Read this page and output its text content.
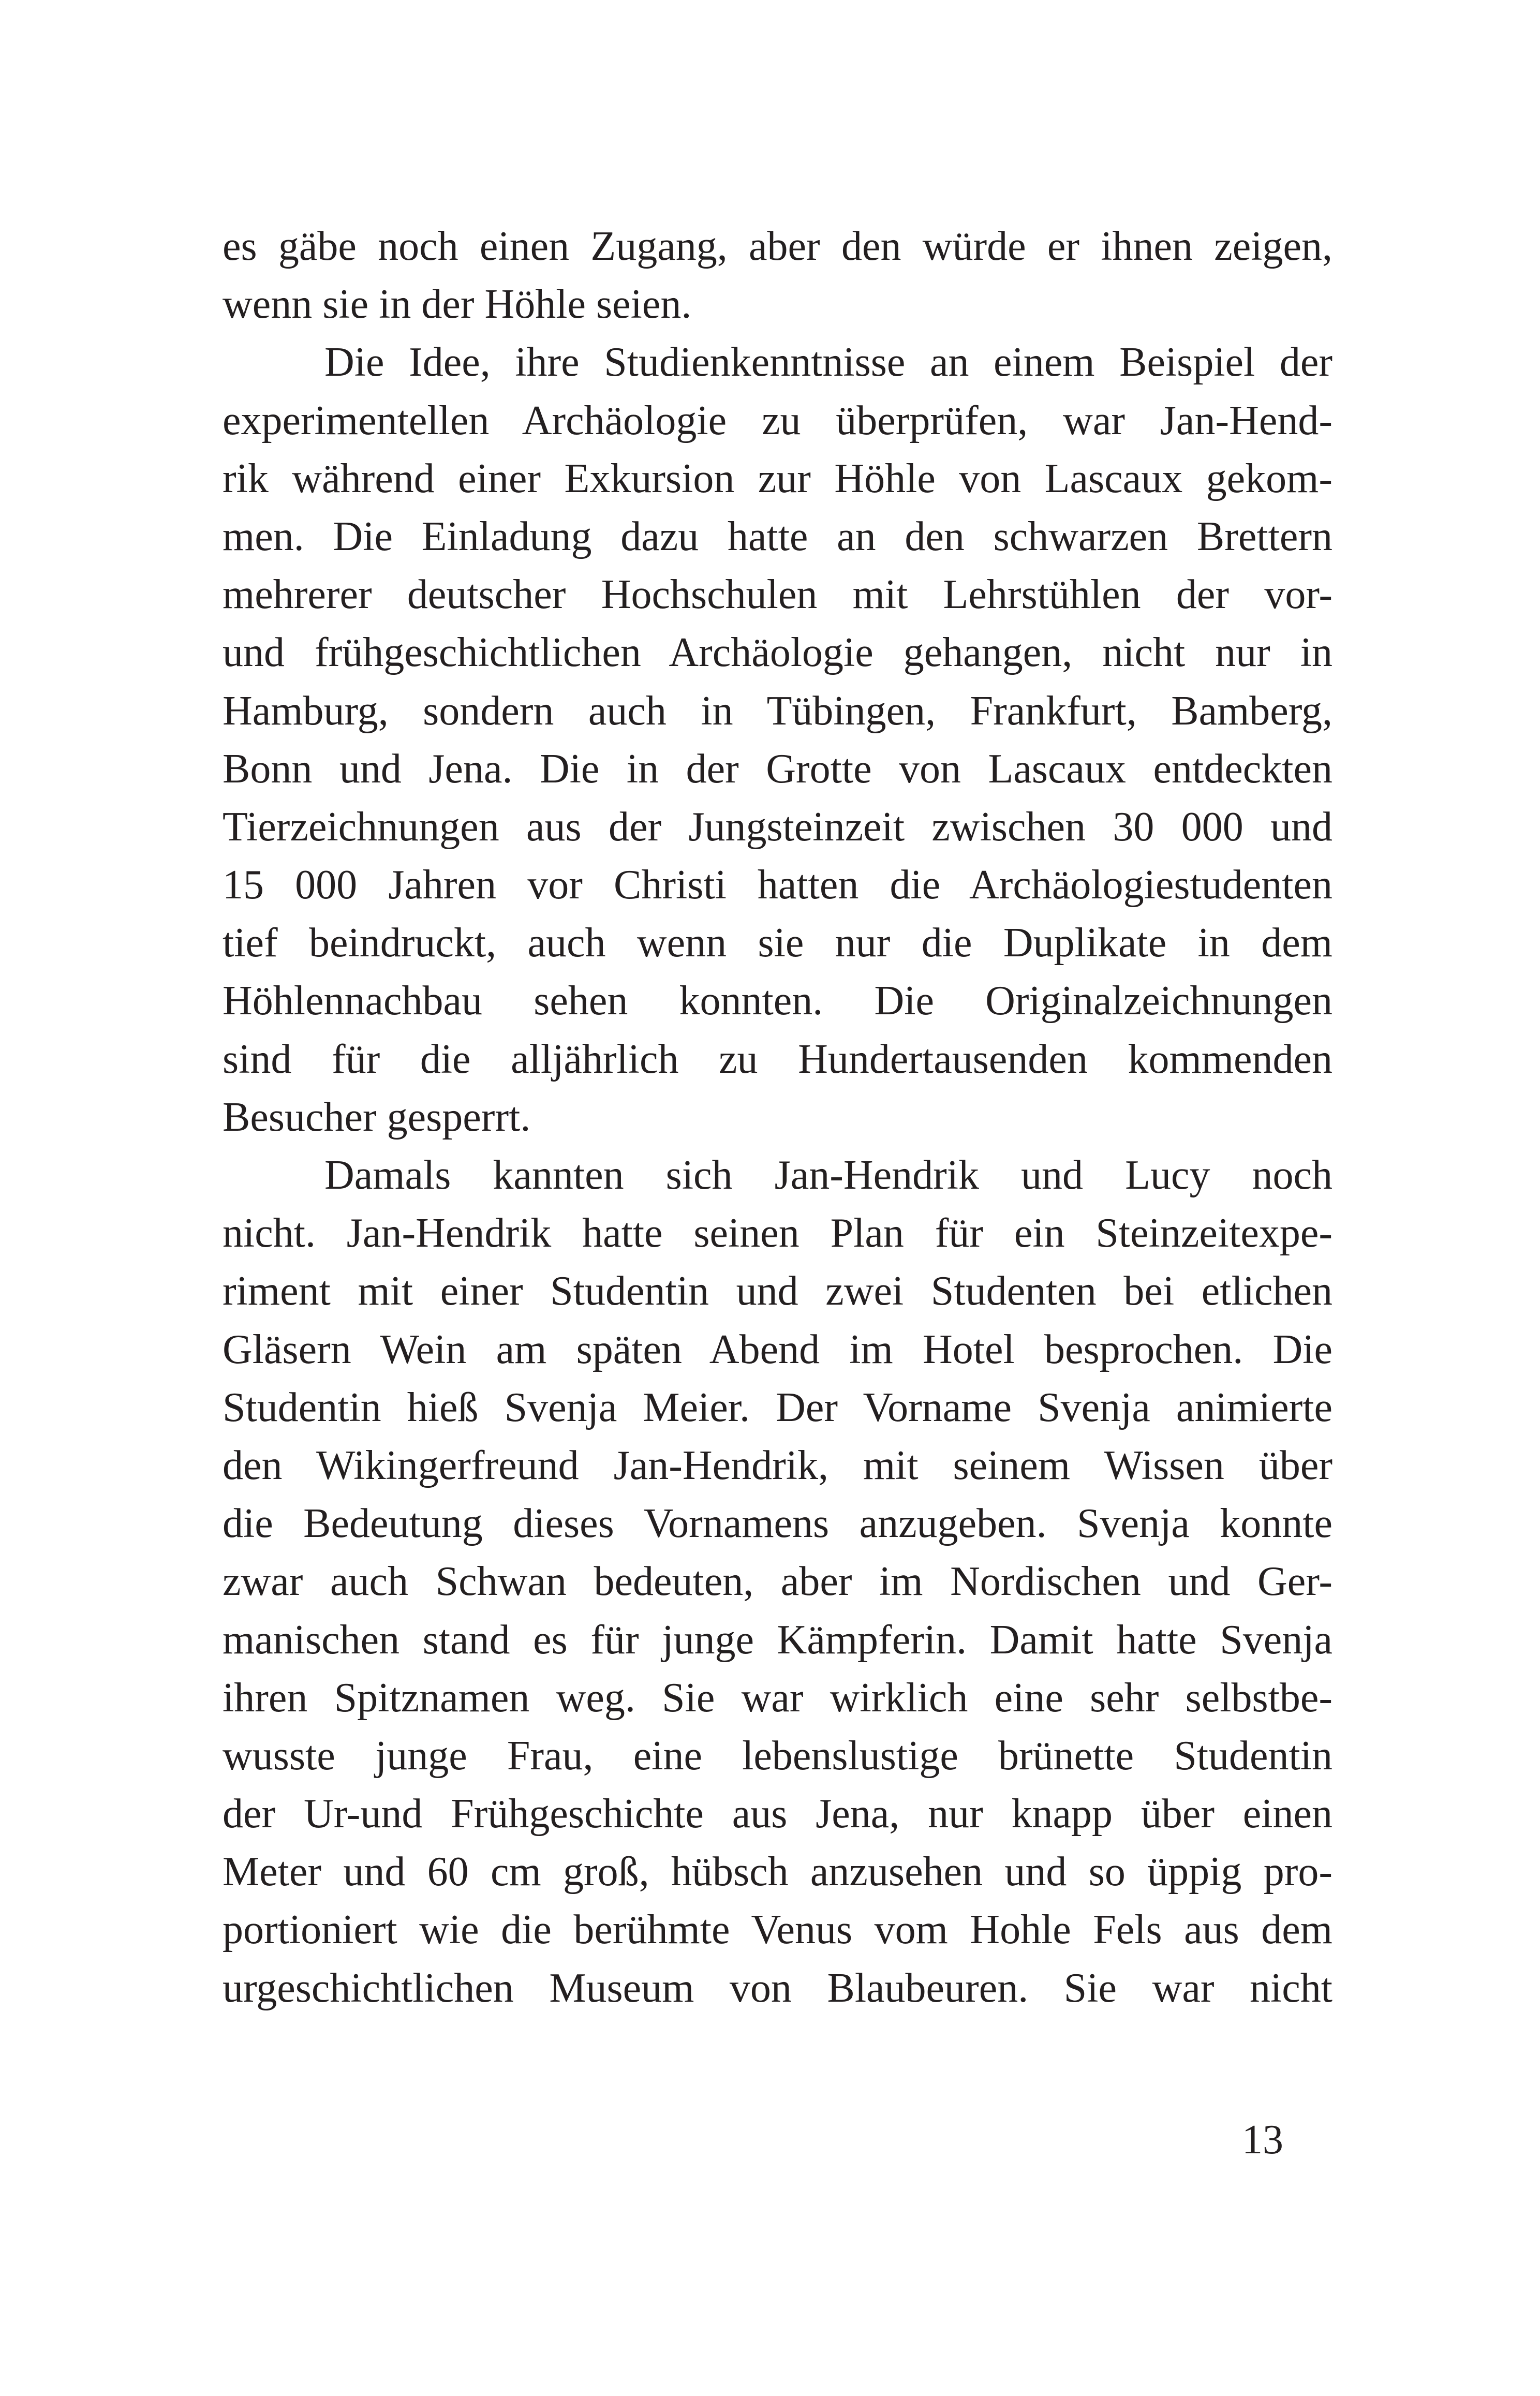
es gäbe noch einen Zugang, aber den würde er ihnen zeigen,
wenn sie in der Höhle seien.
Die Idee, ihre Studienkenntnisse an einem Beispiel der
experimentellen Archäologie zu überprüfen, war Jan-Hend-
rik während einer Exkursion zur Höhle von Lascaux gekom-
men. Die Einladung dazu hatte an den schwarzen Brettern
mehrerer deutscher Hochschulen mit Lehrstühlen der vor-
und frühgeschichtlichen Archäologie gehangen, nicht nur in
Hamburg, sondern auch in Tübingen, Frankfurt, Bamberg,
Bonn und Jena. Die in der Grotte von Lascaux entdeckten
Tierzeichnungen aus der Jungsteinzeit zwischen 30 000 und
15 000 Jahren vor Christi hatten die Archäologiestudenten
tief beindruckt, auch wenn sie nur die Duplikate in dem
Höhlennachbau sehen konnten. Die Originalzeichnungen
sind für die alljährlich zu Hundertausenden kommenden
Besucher gesperrt.
Damals kannten sich Jan-Hendrik und Lucy noch
nicht. Jan-Hendrik hatte seinen Plan für ein Steinzeitexpe-
riment mit einer Studentin und zwei Studenten bei etlichen
Gläsern Wein am späten Abend im Hotel besprochen. Die
Studentin hieß Svenja Meier. Der Vorname Svenja animierte
den Wikingerfreund Jan-Hendrik, mit seinem Wissen über
die Bedeutung dieses Vornamens anzugeben. Svenja konnte
zwar auch Schwan bedeuten, aber im Nordischen und Ger-
manischen stand es für junge Kämpferin. Damit hatte Svenja
ihren Spitznamen weg. Sie war wirklich eine sehr selbstbe-
wusste junge Frau, eine lebenslustige brünette Studentin
der Ur-und Frühgeschichte aus Jena, nur knapp über einen
Meter und 60 cm groß, hübsch anzusehen und so üppig pro-
portioniert wie die berühmte Venus vom Hohle Fels aus dem
urgeschichtlichen Museum von Blaubeuren. Sie war nicht
13
